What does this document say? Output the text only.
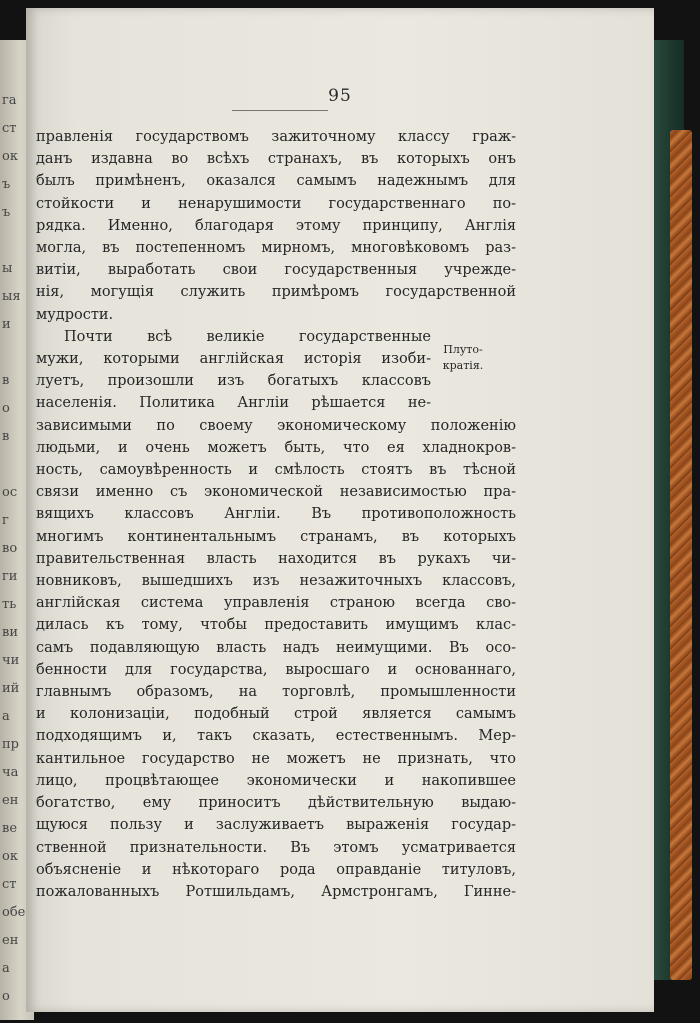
га
ст
ок
ъ
ъ
ы
ыя
и
в
о
в
ос
г
во
ги
ть
ви
чи
ий
а
пр
ча
ен
ве
ок
ст
обе
ен
а
о
95
правленія государствомъ зажиточному классу граж-
данъ издавна во всѣхъ странахъ, въ которыхъ онъ
былъ примѣненъ, оказался самымъ надежнымъ для
стойкости и ненарушимости государственнаго по-
рядка. Именно, благодаря этому принципу, Англія
могла, въ постепенномъ мирномъ, многовѣковомъ раз-
витіи, выработать свои государственныя учрежде-
нія, могущія служить примѣромъ государственной
мудрости.
Почти всѣ великіе государственные
мужи, которыми англійская исторія изоби-
луетъ, произошли изъ богатыхъ классовъ
населенія. Политика Англіи рѣшается не-
зависимыми по своему экономическому положенію
людьми, и очень можетъ быть, что ея хладнокров-
ность, самоувѣренность и смѣлость стоятъ въ тѣсной
связи именно съ экономической независимостью пра-
вящихъ классовъ Англіи. Въ противоположность
многимъ континентальнымъ странамъ, въ которыхъ
правительственная власть находится въ рукахъ чи-
новниковъ, вышедшихъ изъ незажиточныхъ классовъ,
англійская система управленія страною всегда сво-
дилась къ тому, чтобы предоставить имущимъ клас-
самъ подавляющую власть надъ неимущими. Въ осо-
бенности для государства, выросшаго и основаннаго,
главнымъ образомъ, на торговлѣ, промышленности
и колонизаціи, подобный строй является самымъ
подходящимъ и, такъ сказать, естественнымъ. Мер-
кантильное государство не можетъ не признать, что
лицо, процвѣтающее экономически и накопившее
богатство, ему приноситъ дѣйствительную выдаю-
щуюся пользу и заслуживаетъ выраженія государ-
ственной признательности. Въ этомъ усматривается
объясненіе и нѣкотораго рода оправданіе титуловъ,
пожалованныхъ Ротшильдамъ, Армстронгамъ, Гинне-
Плуто-
кратія.
